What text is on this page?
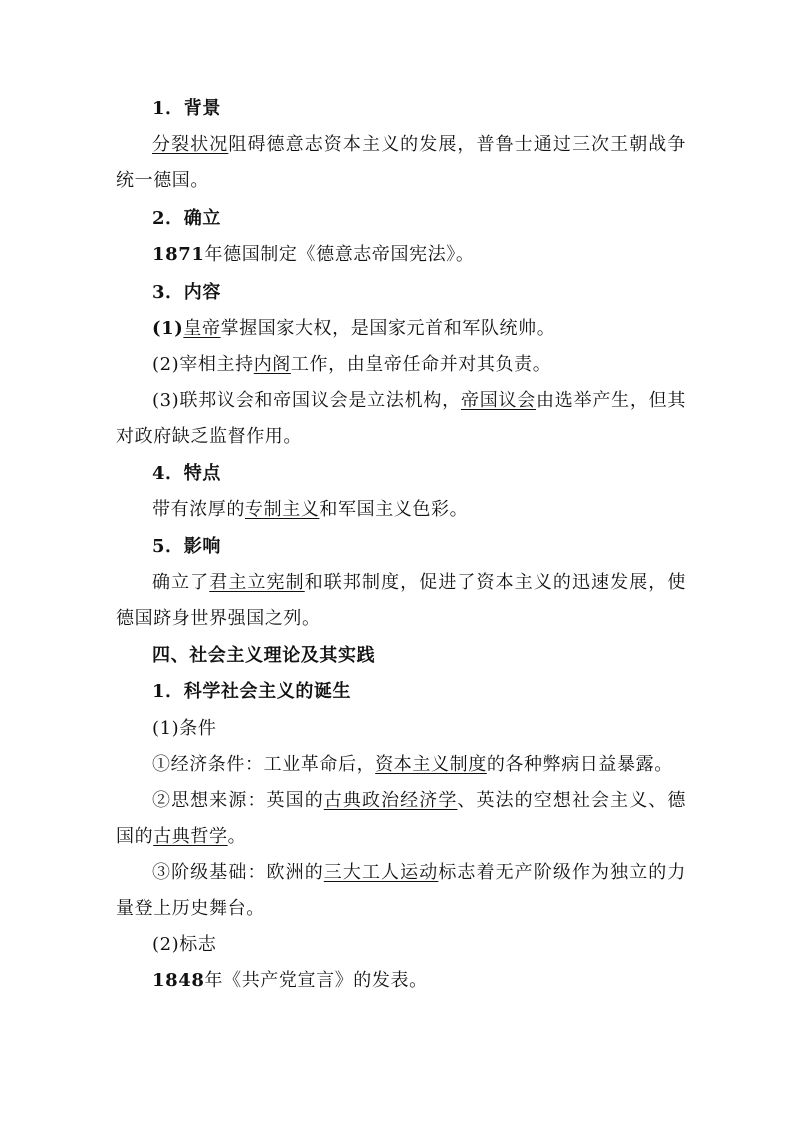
1．背景
分裂状况阻碍德意志资本主义的发展，普鲁士通过三次王朝战争
统一德国。
2．确立
1871年德国制定《德意志帝国宪法》。
3．内容
(1)皇帝掌握国家大权，是国家元首和军队统帅。
(2)宰相主持内阁工作，由皇帝任命并对其负责。
(3)联邦议会和帝国议会是立法机构，帝国议会由选举产生，但其
对政府缺乏监督作用。
4．特点
带有浓厚的专制主义和军国主义色彩。
5．影响
确立了君主立宪制和联邦制度，促进了资本主义的迅速发展，使
德国跻身世界强国之列。
四、社会主义理论及其实践
1．科学社会主义的诞生
(1)条件
①经济条件：工业革命后，资本主义制度的各种弊病日益暴露。
②思想来源：英国的古典政治经济学、英法的空想社会主义、德
国的古典哲学。
③阶级基础：欧洲的三大工人运动标志着无产阶级作为独立的力
量登上历史舞台。
(2)标志
1848年《共产党宣言》的发表。
